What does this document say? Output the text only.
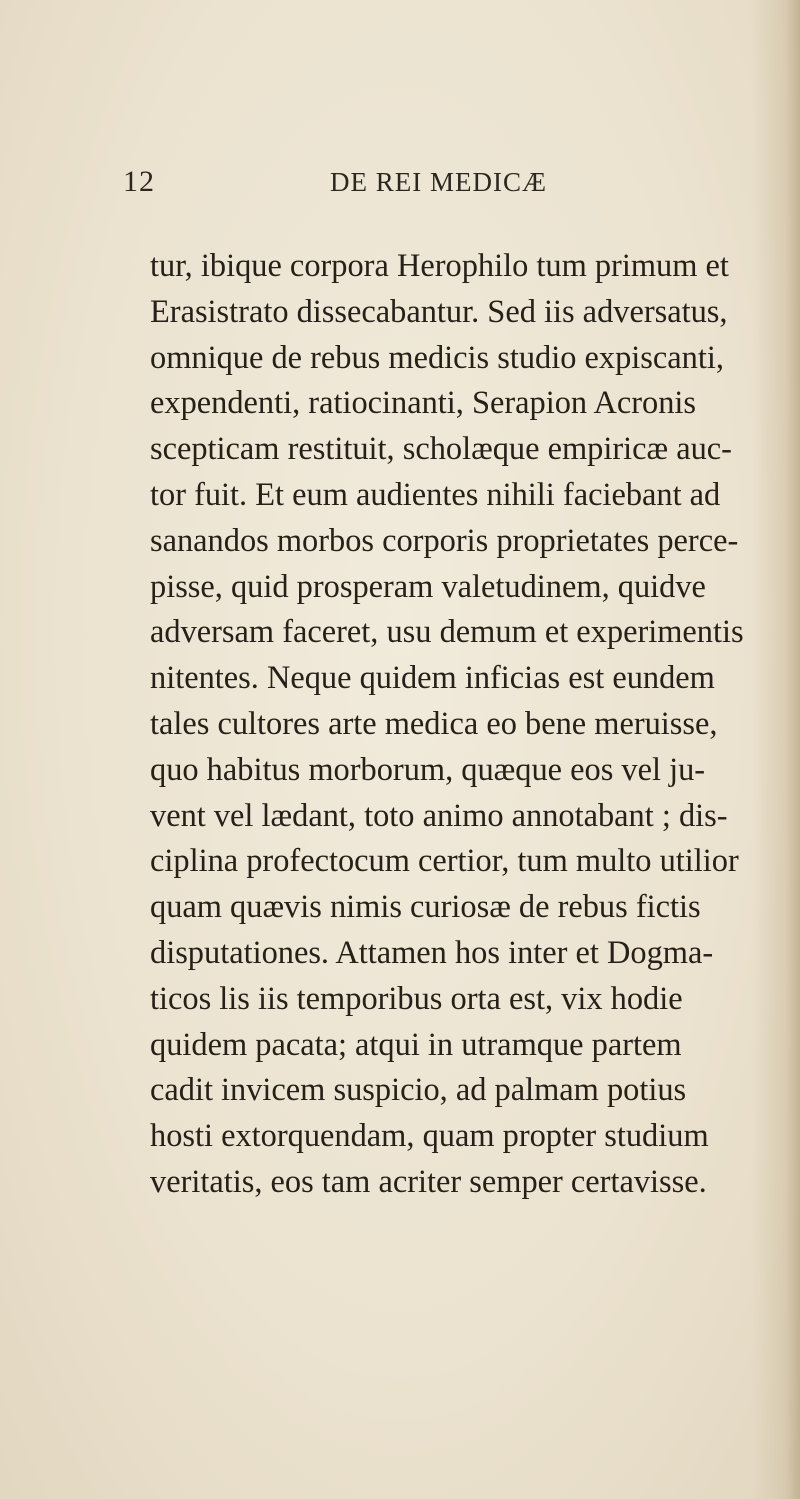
12	DE REI MEDICÆ
tur, ibique corpora Herophilo tum primum et
Erasistrato dissecabantur. Sed iis adversatus,
omnique de rebus medicis studio expiscanti,
expendenti, ratiocinanti, Serapion Acronis
scepticam restituit, scholæque empiricæ auc-
tor fuit. Et eum audientes nihili faciebant ad
sanandos morbos corporis proprietates perce-
pisse, quid prosperam valetudinem, quidve
adversam faceret, usu demum et experimentis
nitentes. Neque quidem inficias est eundem
tales cultores arte medica eo bene meruisse,
quo habitus morborum, quæque eos vel ju-
vent vel lædant, toto animo annotabant ; dis-
ciplina profectocum certior, tum multo utilior
quam quævis nimis curiosæ de rebus fictis
disputationes. Attamen hos inter et Dogma-
ticos lis iis temporibus orta est, vix hodie
quidem pacata; atqui in utramque partem
cadit invicem suspicio, ad palmam potius
hosti extorquendam, quam propter studium
veritatis, eos tam acriter semper certavisse.
